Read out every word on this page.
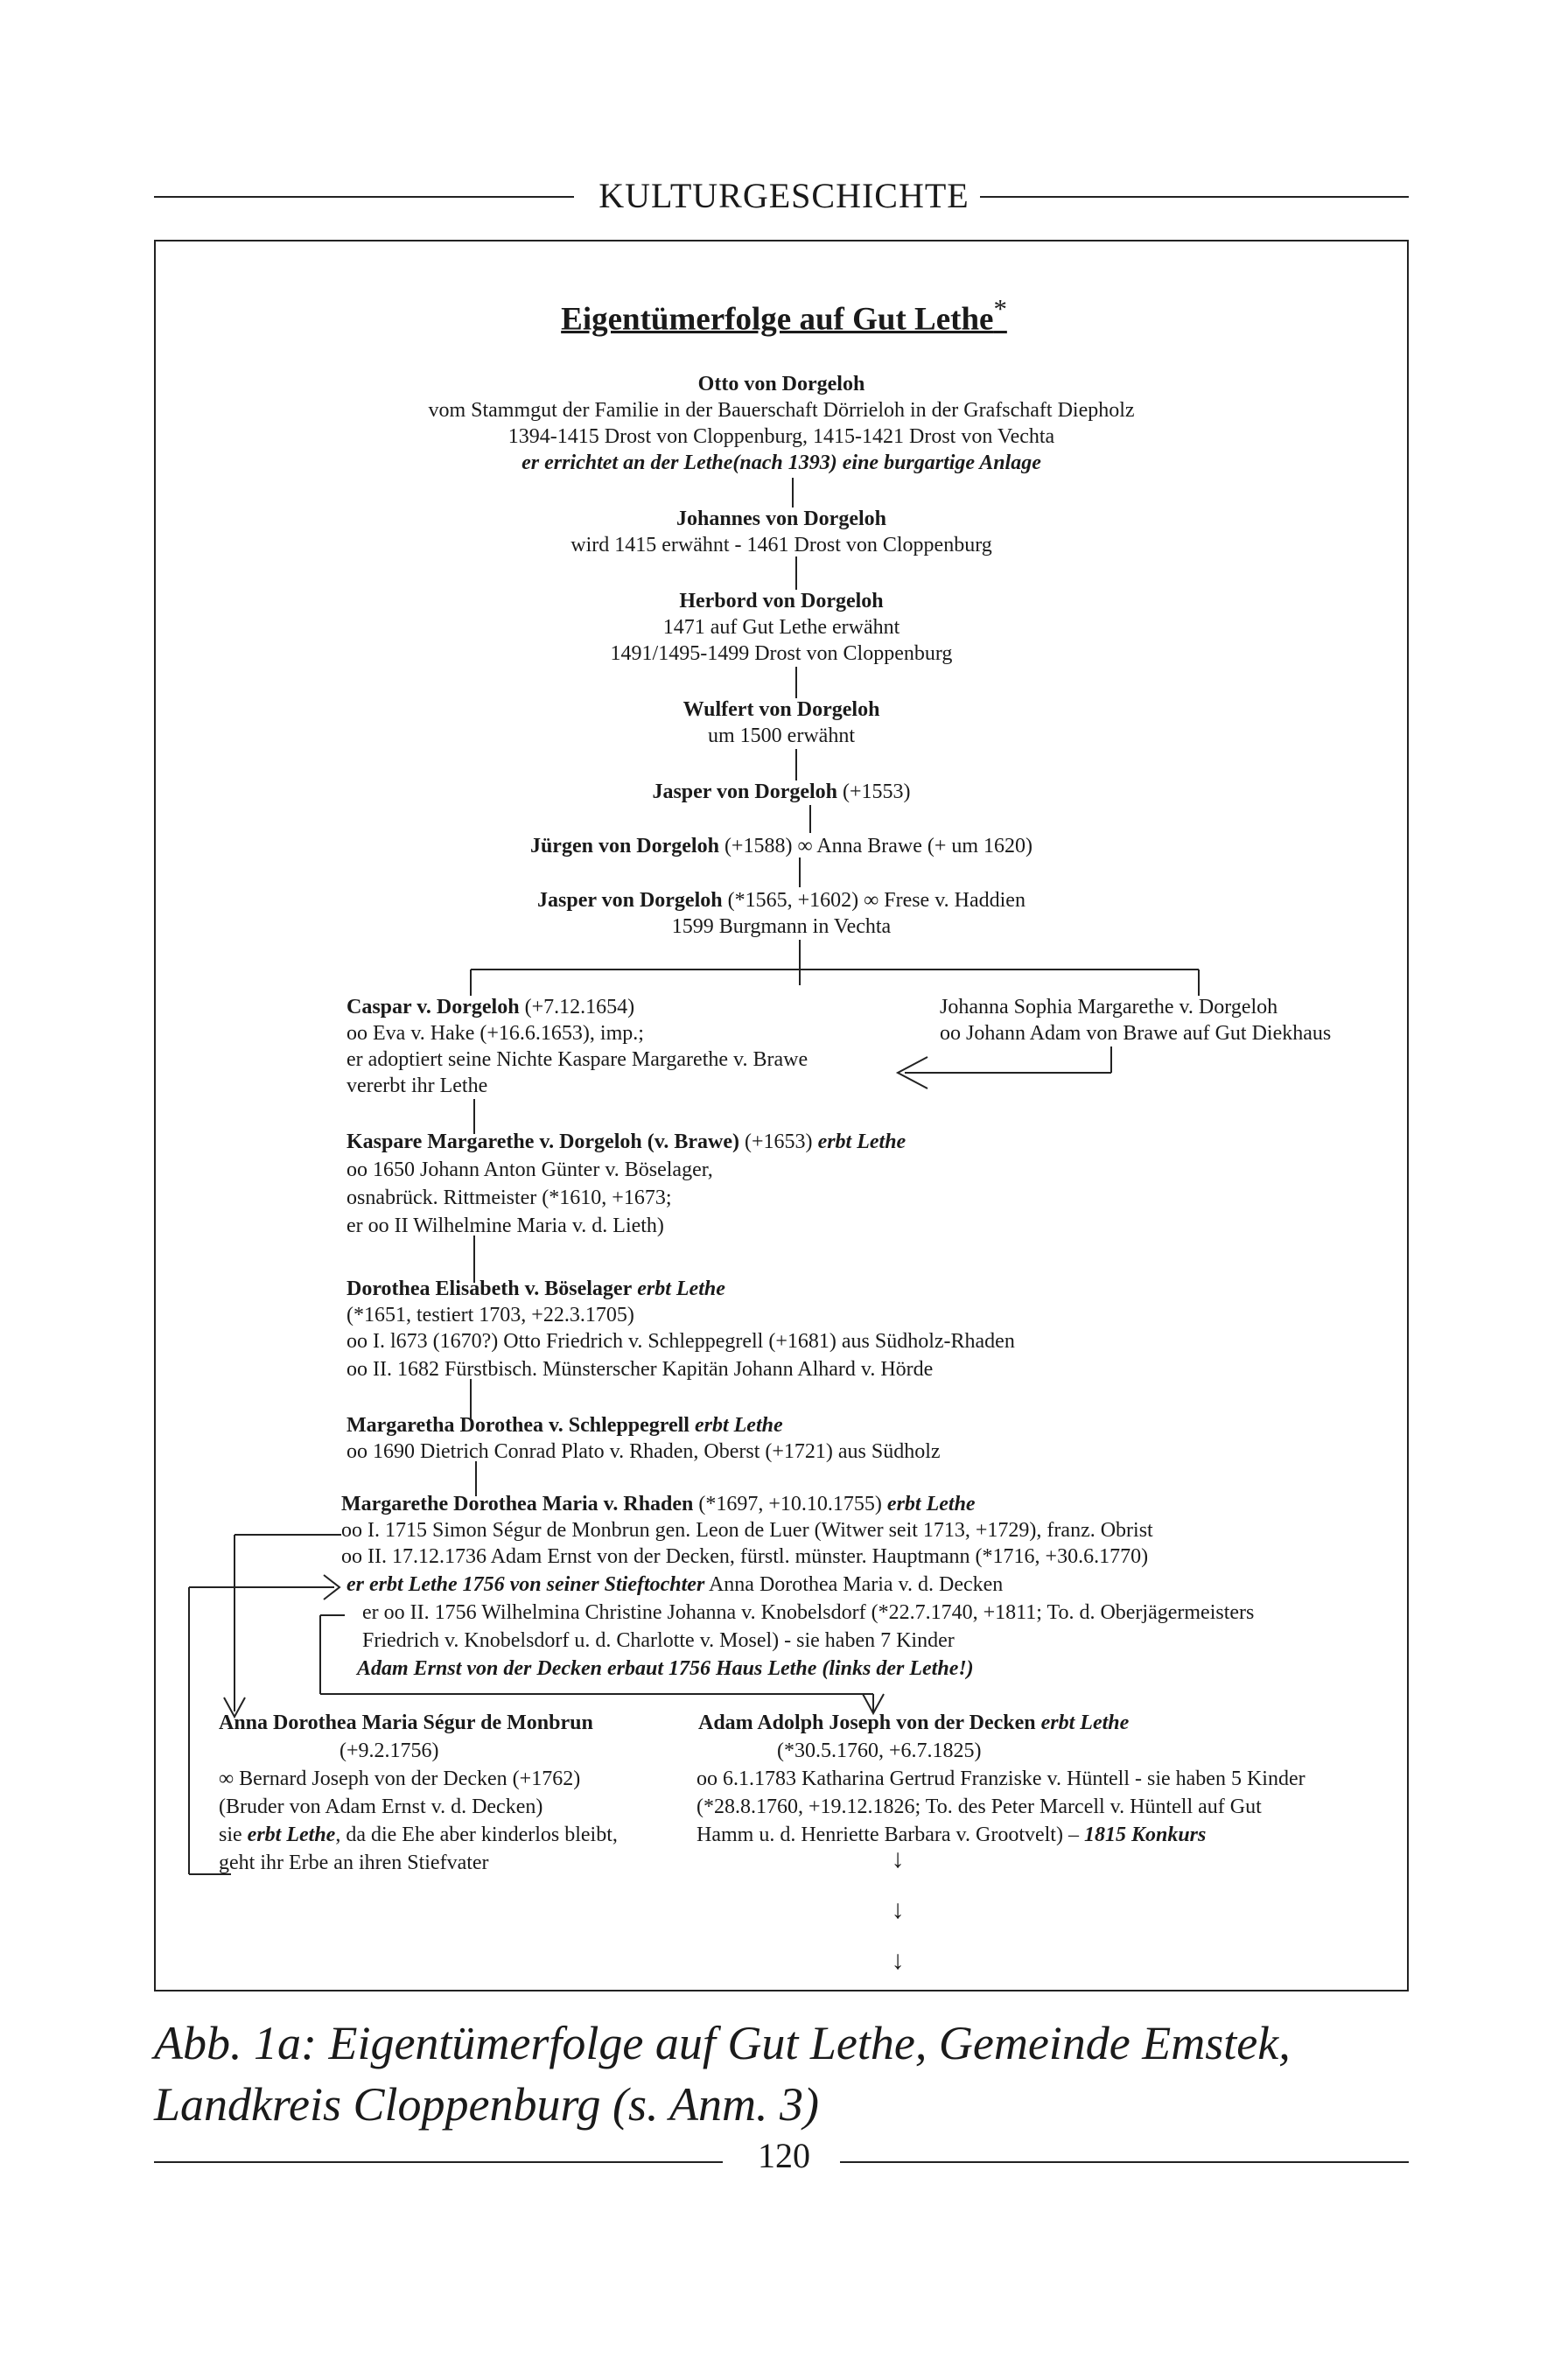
KULTURGESCHICHTE
Eigentümerfolge auf Gut Lethe*
Otto von Dorgeloh
vom Stammgut der Familie in der Bauerschaft Dörrieloh in der Grafschaft Diepholz
1394-1415 Drost von Cloppenburg, 1415-1421 Drost von Vechta
er errichtet an der Lethe(nach 1393) eine burgartige Anlage
Johannes von Dorgeloh
wird 1415 erwähnt - 1461 Drost von Cloppenburg
Herbord von Dorgeloh
1471 auf Gut Lethe erwähnt
1491/1495-1499 Drost von Cloppenburg
Wulfert von Dorgeloh
um 1500 erwähnt
Jasper von Dorgeloh (+1553)
Jürgen von Dorgeloh (+1588) ∞ Anna Brawe (+ um 1620)
Jasper von Dorgeloh (*1565, +1602) ∞ Frese v. Haddien
1599 Burgmann in Vechta
Caspar v. Dorgeloh (+7.12.1654)
oo Eva v. Hake (+16.6.1653), imp.;
er adoptiert seine Nichte Kaspare Margarethe v. Brawe
vererbt ihr Lethe
Johanna Sophia Margarethe v. Dorgeloh
oo Johann Adam von Brawe auf Gut Diekhaus
Kaspare Margarethe v. Dorgeloh (v. Brawe) (+1653) erbt Lethe
oo 1650 Johann Anton Günter v. Böselager,
osnabrück. Rittmeister (*1610, +1673;
er oo II Wilhelmine Maria v. d. Lieth)
Dorothea Elisabeth v. Böselager erbt Lethe
(*1651, testiert 1703, +22.3.1705)
oo I. l673 (1670?) Otto Friedrich v. Schleppegrell (+1681) aus Südholz-Rhaden
oo II. 1682 Fürstbisch. Münsterscher Kapitän Johann Alhard v. Hörde
Margaretha Dorothea v. Schleppegrell erbt Lethe
oo 1690 Dietrich Conrad Plato v. Rhaden, Oberst (+1721) aus Südholz
Margarethe Dorothea Maria v. Rhaden (*1697, +10.10.1755) erbt Lethe
oo I. 1715 Simon Ségur de Monbrun gen. Leon de Luer (Witwer seit 1713, +1729), franz. Obrist
oo II. 17.12.1736 Adam Ernst von der Decken, fürstl. münster. Hauptmann (*1716, +30.6.1770)
er erbt Lethe 1756 von seiner Stieftochter Anna Dorothea Maria v. d. Decken
er oo II. 1756 Wilhelmina Christine Johanna v. Knobelsdorf (*22.7.1740, +1811; To. d. Oberjägermeisters
Friedrich v. Knobelsdorf u. d. Charlotte v. Mosel) - sie haben 7 Kinder
Adam Ernst von der Decken erbaut 1756 Haus Lethe (links der Lethe!)
Anna Dorothea Maria Ségur de Monbrun
(+9.2.1756)
∞ Bernard Joseph von der Decken (+1762)
(Bruder von Adam Ernst v. d. Decken)
sie erbt Lethe, da die Ehe aber kinderlos bleibt,
geht ihr Erbe an ihren Stiefvater
Adam Adolph Joseph von der Decken erbt Lethe
(*30.5.1760, +6.7.1825)
oo 6.1.1783 Katharina Gertrud Franziske v. Hüntell - sie haben 5 Kinder
(*28.8.1760, +19.12.1826; To. des Peter Marcell v. Hüntell auf Gut
Hamm u. d. Henriette Barbara v. Grootvelt) – 1815 Konkurs
↓
↓
↓
Abb. 1a: Eigentümerfolge auf Gut Lethe, Gemeinde Emstek, Landkreis Cloppenburg (s. Anm. 3)
120
